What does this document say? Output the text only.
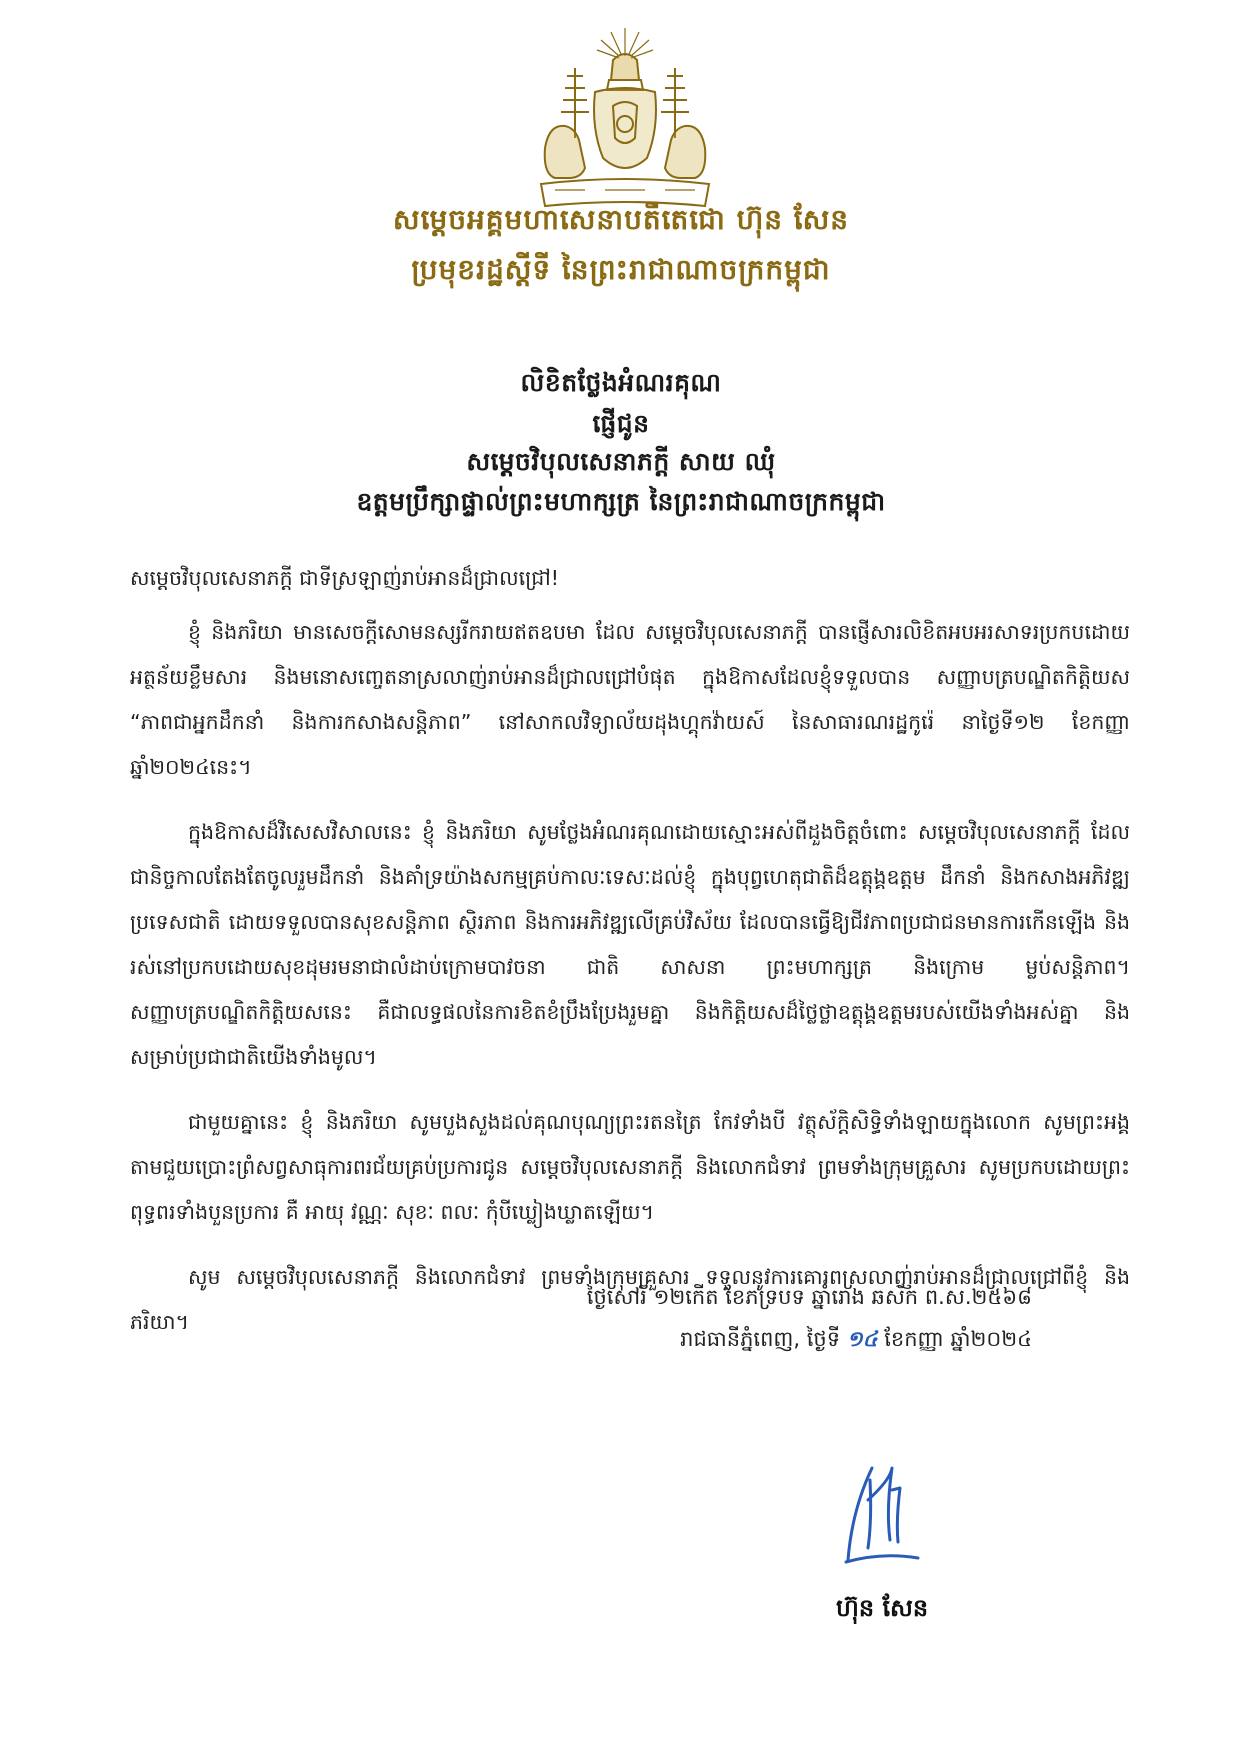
សម្តេចអគ្គមហាសេនាបតីតេជោ ហ៊ុន សែន
ប្រមុខរដ្ឋស្តីទី នៃព្រះរាជាណាចក្រកម្ពុជា
លិខិតថ្លែងអំណរគុណ
ផ្ញើជូន
សម្តេចវិបុលសេនាភក្តី សាយ ឈុំ
ឧត្តមប្រឹក្សាផ្ទាល់ព្រះមហាក្សត្រ នៃព្រះរាជាណាចក្រកម្ពុជា
សម្តេចវិបុលសេនាភក្តី ជាទីស្រឡាញ់រាប់អានដ៏ជ្រាលជ្រៅ!

ខ្ញុំ និងភរិយា មានសេចក្តីសោមនស្សរីករាយឥតឧបមា ដែល សម្តេចវិបុលសេនាភក្តី បានផ្ញើសារលិខិតអបអរសាទរប្រកបដោយអត្ថន័យខ្លឹមសារ និងមនោសញ្ចេតនាស្រលាញ់រាប់អានដ៏ជ្រាលជ្រៅបំផុត ក្នុងឱកាសដែលខ្ញុំទទួលបាន សញ្ញាបត្របណ្ឌិតកិត្តិយស “ភាពជាអ្នកដឹកនាំ និងការកសាងសន្តិភាព” នៅសាកលវិទ្យាល័យដុងហ្គុកវ៉ាយស៍ នៃសាធារណរដ្ឋកូរ៉េ នាថ្ងៃទី១២ ខែកញ្ញា ឆ្នាំ២០២៤នេះ។

ក្នុងឱកាសដ៏វិសេសវិសាលនេះ ខ្ញុំ និងភរិយា សូមថ្លែងអំណរគុណដោយស្មោះអស់ពីដួងចិត្តចំពោះ សម្តេចវិបុលសេនាភក្តី ដែលជានិច្ចកាលតែងតែចូលរួមដឹកនាំ និងគាំទ្រយ៉ាងសកម្មគ្រប់កាលៈទេសៈដល់ខ្ញុំ ក្នុងបុព្វហេតុជាតិដ៏ឧត្តុង្គឧត្តម ដឹកនាំ និងកសាងអភិវឌ្ឍប្រទេសជាតិ ដោយទទួលបានសុខសន្តិភាព ស្ថិរភាព និងការអភិវឌ្ឍលើគ្រប់វិស័យ ដែលបានធ្វើឱ្យជីវភាពប្រជាជនមានការកើនឡើង និងរស់នៅប្រកបដោយសុខដុមរមនាជាលំដាប់ក្រោមបាវចនា ជាតិ សាសនា ព្រះមហាក្សត្រ និងក្រោម ម្លប់សន្តិភាព។ សញ្ញាបត្របណ្ឌិតកិត្តិយសនេះ គឺជាលទ្ធផលនៃការខិតខំប្រឹងប្រែងរួមគ្នា និងកិត្តិយសដ៏ថ្លៃថ្លាឧត្តុង្គឧត្តមរបស់យើងទាំងអស់គ្នា និងសម្រាប់ប្រជាជាតិយើងទាំងមូល។

ជាមួយគ្នានេះ ខ្ញុំ និងភរិយា សូមបួងសួងដល់គុណបុណ្យព្រះរតនត្រៃ កែវទាំងបី វត្ថុស័ក្តិសិទ្ធិទាំងឡាយក្នុងលោក សូមព្រះអង្គតាមជួយប្រោះព្រំសព្វសាធុការពរជ័យគ្រប់ប្រការជូន សម្តេចវិបុលសេនាភក្តី និងលោកជំទាវ ព្រមទាំងក្រុមគ្រួសារ សូមប្រកបដោយព្រះពុទ្ធពរទាំងបួនប្រការ គឺ អាយុ វណ្ណៈ សុខៈ ពលៈ កុំបីឃ្លៀងឃ្លាតឡើយ។

សូម សម្តេចវិបុលសេនាភក្តី និងលោកជំទាវ ព្រមទាំងក្រុមគ្រួសារ ទទួលនូវការគោរពស្រលាញ់រាប់អានដ៏ជ្រាលជ្រៅពីខ្ញុំ និងភរិយា។

ថ្ងៃសៅរ៍ ១២កើត ខែភទ្របទ ឆ្នាំរោង ឆស័ក ព.ស.២៥៦៨
រាជធានីភ្នំពេញ, ថ្ងៃទី ១៤ ខែកញ្ញា ឆ្នាំ២០២៤
ហ៊ុន សែន
